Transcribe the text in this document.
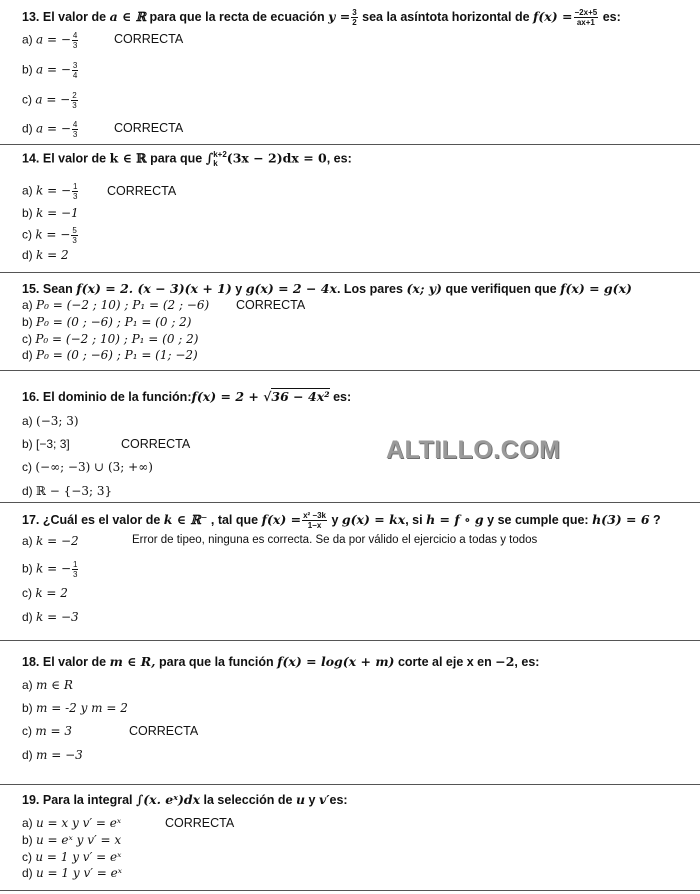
13. El valor de a ∈ ℝ para que la recta de ecuación $y = \frac{3}{2}$ sea la asíntota horizontal de $f(x) = \frac{-2x+5}{ax+1}$ es:
a) a = − $\frac{4}{3}$	CORRECTA
b) a = − $\frac{3}{4}$
c) a = − $\frac{2}{3}$
d) a = − $\frac{4}{3}$	CORRECTA
14. El valor de k ∈ ℝ para que ∫ k+2
k (3x − 2)dx = 0, es:
a) k = − $\frac{1}{3}$ CORRECTA
b) k = −1
c) k = − $\frac{5}{3}$
d) k = 2
15. Sean f(x) = 2. (x − 3)(x + 1) y g(x) = 2 − 4x. Los pares (x; y) que verifiquen que f(x) = g(x)
a) P₀ = (−2 ; 10) ; P₁ = (2 ; −6) CORRECTA
b) P₀ = (0 ; −6) ; P₁ = (0 ; 2)
c) P₀ = (−2 ; 10) ; P₁ = (0 ; 2)
d) P₀ = (0 ; −6) ; P₁ = (1; −2)
16. El dominio de la función:f(x) = 2 + √36 − 4x² es:
a) (−3; 3)
b) [−3; 3]	CORRECTA
c) (−∞; −3) ∪ (3; +∞)
d) ℝ − {−3; 3}
ALTILLO.COM
17. ¿Cuál es el valor de k ∈ ℝ⁻ , tal que $f(x) = \frac{\text{x² −3k}}{1-x}$ y g(x) = kx, si h = f ∘ g y se cumple que: h(3) = 6 ?
a) k = −2	Error de tipeo, ninguna es correcta. Se da por válido el ejercicio a todas y todos
b) k = − $\frac{1}{3}$
c) k = 2
d) k = −3
18. El valor de m ∈ R, para que la función f(x) = log(x + m) corte al eje x en −2, es:
a) m ∈ R
b) m = -2 y m = 2
c) m = 3	CORRECTA
d) m = −3
19. Para la integral ∫(x. eˣ)dx la selección de u y v′es:
a) u = x y v′ = eˣ	CORRECTA
b) u = eˣ y v′ = x
c) u = 1 y v′ = eˣ
d) u = 1 y v′ = eˣ
